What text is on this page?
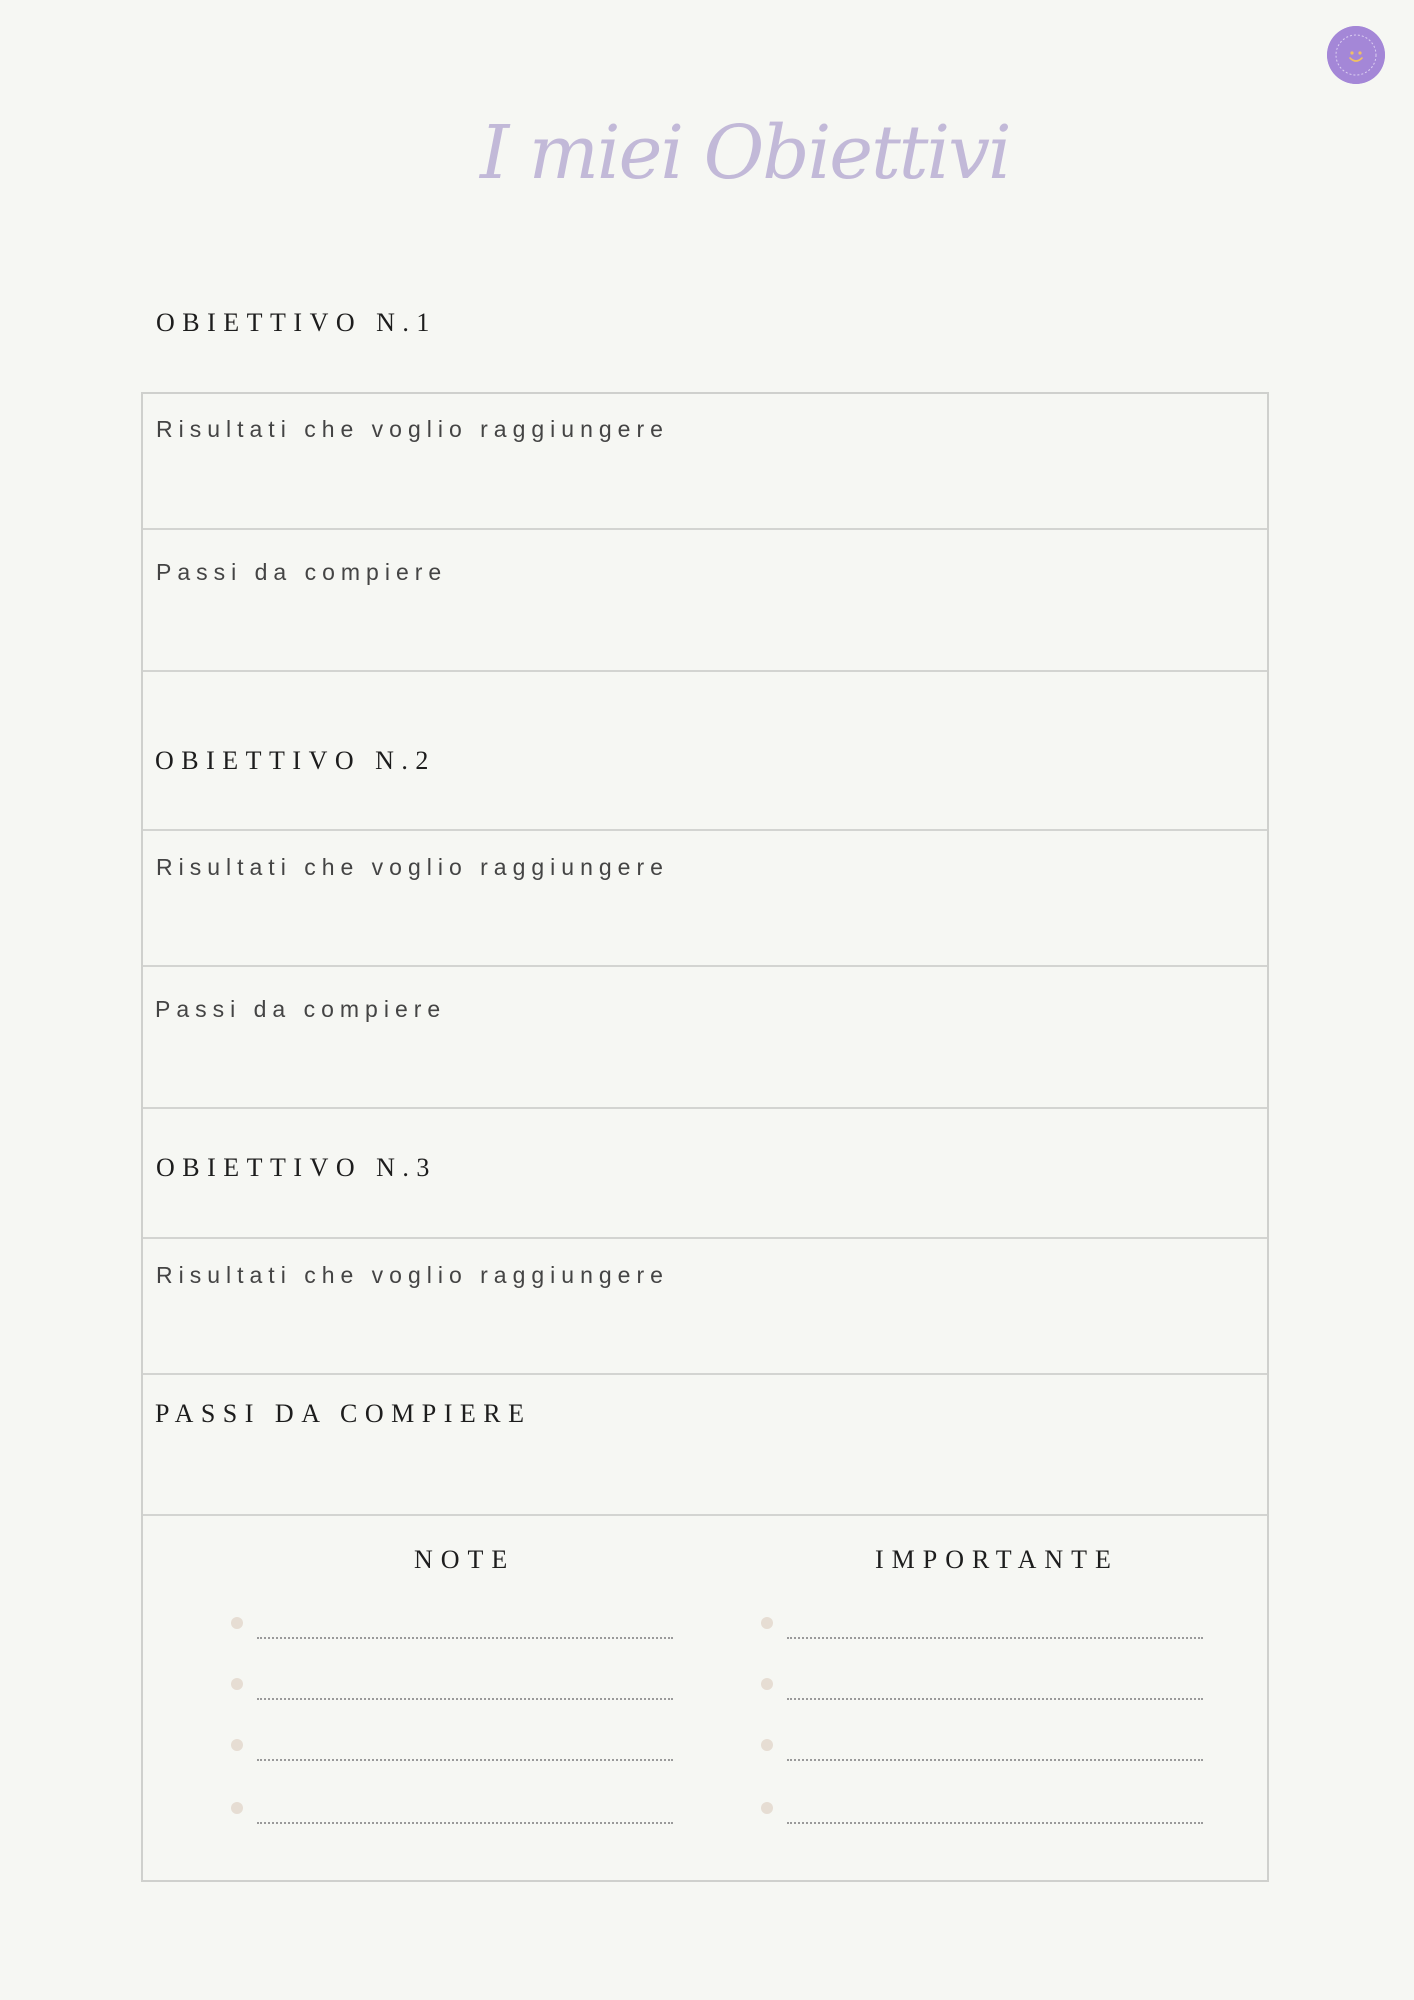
I miei Obiettivi
OBIETTIVO N.1

Risultati che voglio raggiungere

Passi da compiere

OBIETTIVO N.2

Risultati che voglio raggiungere

Passi da compiere

OBIETTIVO N.3

Risultati che voglio raggiungere

PASSI DA COMPIERE
NOTE	IMPORTANTE
